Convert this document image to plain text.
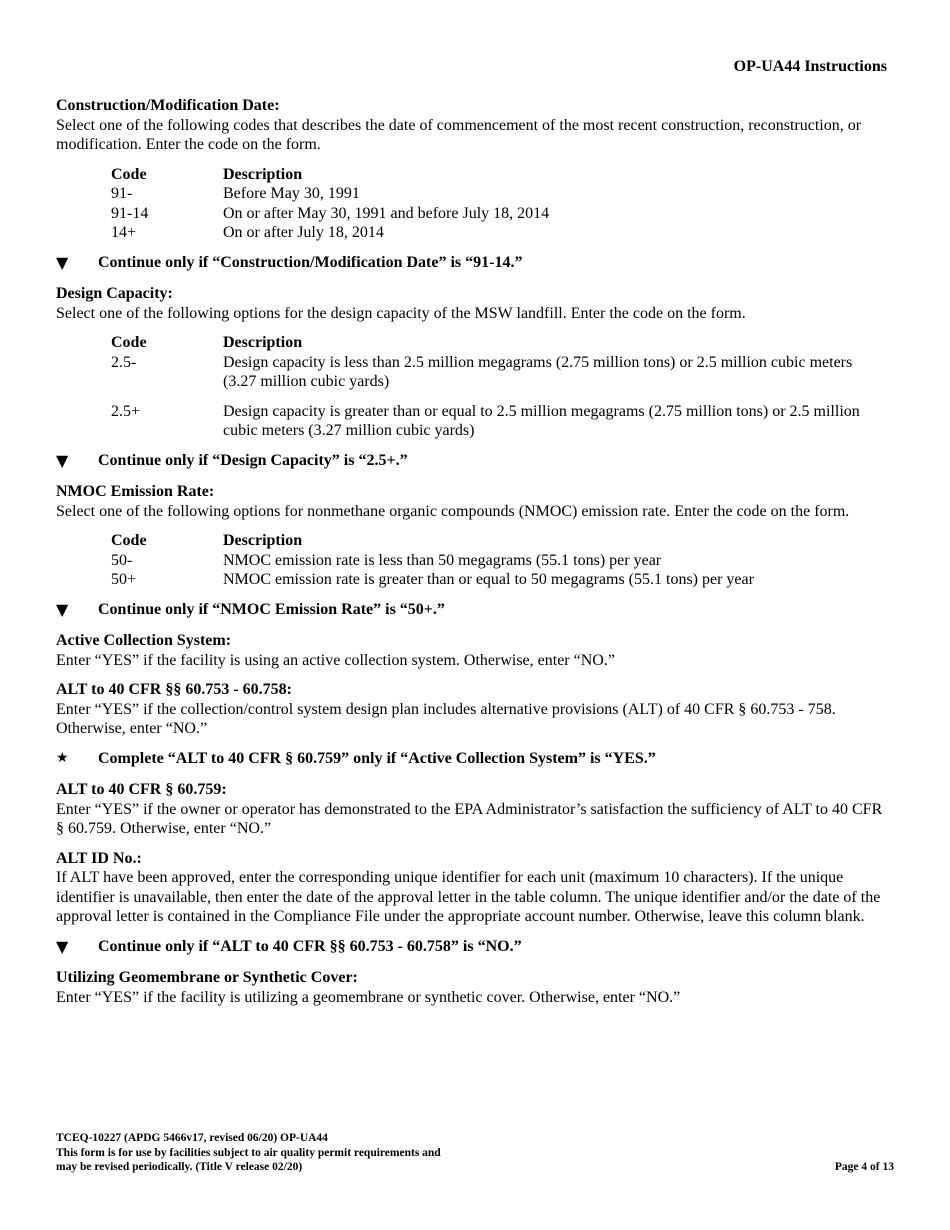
OP-UA44 Instructions
Construction/Modification Date:
Select one of the following codes that describes the date of commencement of the most recent construction, reconstruction, or modification. Enter the code on the form.
Code	Description
91-	Before May 30, 1991
91-14	On or after May 30, 1991 and before July 18, 2014
14+	On or after July 18, 2014
▼	Continue only if “Construction/Modification Date” is “91-14.”
Design Capacity:
Select one of the following options for the design capacity of the MSW landfill. Enter the code on the form.
Code	Description
2.5-	Design capacity is less than 2.5 million megagrams (2.75 million tons) or 2.5 million cubic meters (3.27 million cubic yards)
2.5+	Design capacity is greater than or equal to 2.5 million megagrams (2.75 million tons) or 2.5 million cubic meters (3.27 million cubic yards)
▼	Continue only if “Design Capacity” is “2.5+.”
NMOC Emission Rate:
Select one of the following options for nonmethane organic compounds (NMOC) emission rate. Enter the code on the form.
Code	Description
50-	NMOC emission rate is less than 50 megagrams (55.1 tons) per year
50+	NMOC emission rate is greater than or equal to 50 megagrams (55.1 tons) per year
▼	Continue only if “NMOC Emission Rate” is “50+.”
Active Collection System:
Enter “YES” if the facility is using an active collection system. Otherwise, enter “NO.”
ALT to 40 CFR §§ 60.753 - 60.758:
Enter “YES” if the collection/control system design plan includes alternative provisions (ALT) of 40 CFR § 60.753 - 758. Otherwise, enter “NO.”
★	Complete “ALT to 40 CFR § 60.759” only if “Active Collection System” is “YES.”
ALT to 40 CFR § 60.759:
Enter “YES” if the owner or operator has demonstrated to the EPA Administrator’s satisfaction the sufficiency of ALT to 40 CFR § 60.759. Otherwise, enter “NO.”
ALT ID No.:
If ALT have been approved, enter the corresponding unique identifier for each unit (maximum 10 characters). If the unique identifier is unavailable, then enter the date of the approval letter in the table column. The unique identifier and/or the date of the approval letter is contained in the Compliance File under the appropriate account number. Otherwise, leave this column blank.
▼	Continue only if “ALT to 40 CFR §§ 60.753 - 60.758” is “NO.”
Utilizing Geomembrane or Synthetic Cover:
Enter “YES” if the facility is utilizing a geomembrane or synthetic cover. Otherwise, enter “NO.”
TCEQ-10227 (APDG 5466v17, revised 06/20) OP-UA44
This form is for use by facilities subject to air quality permit requirements and
may be revised periodically. (Title V release 02/20)	Page 4 of 13
